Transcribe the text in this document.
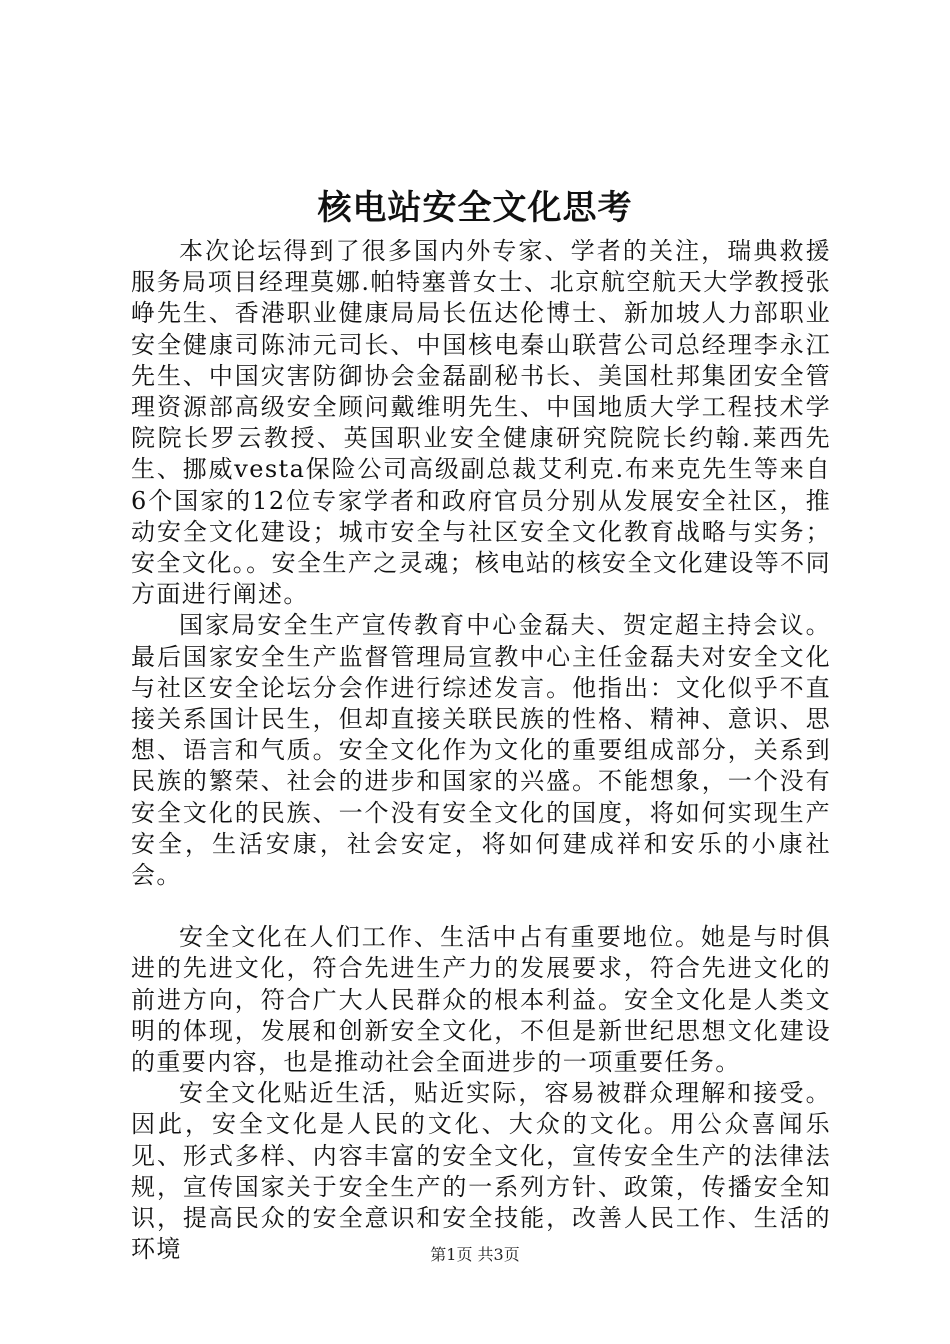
核电站安全文化思考

本次论坛得到了很多国内外专家、学者的关注，瑞典救援服务局项目经理莫娜.帕特塞普女士、北京航空航天大学教授张峥先生、香港职业健康局局长伍达伦博士、新加坡人力部职业安全健康司陈沛元司长、中国核电秦山联营公司总经理李永江先生、中国灾害防御协会金磊副秘书长、美国杜邦集团安全管理资源部高级安全顾问戴维明先生、中国地质大学工程技术学院院长罗云教授、英国职业安全健康研究院院长约翰.莱西先生、挪威vesta保险公司高级副总裁艾利克.布来克先生等来自6个国家的12位专家学者和政府官员分别从发展安全社区，推动安全文化建设；城市安全与社区安全文化教育战略与实务；安全文化。。安全生产之灵魂；核电站的核安全文化建设等不同方面进行阐述。

国家局安全生产宣传教育中心金磊夫、贺定超主持会议。最后国家安全生产监督管理局宣教中心主任金磊夫对安全文化与社区安全论坛分会作进行综述发言。他指出：文化似乎不直接关系国计民生，但却直接关联民族的性格、精神、意识、思想、语言和气质。安全文化作为文化的重要组成部分，关系到民族的繁荣、社会的进步和国家的兴盛。不能想象，一个没有安全文化的民族、一个没有安全文化的国度，将如何实现生产安全，生活安康，社会安定，将如何建成祥和安乐的小康社会。

安全文化在人们工作、生活中占有重要地位。她是与时俱进的先进文化，符合先进生产力的发展要求，符合先进文化的前进方向，符合广大人民群众的根本利益。安全文化是人类文明的体现，发展和创新安全文化，不但是新世纪思想文化建设的重要内容，也是推动社会全面进步的一项重要任务。

安全文化贴近生活，贴近实际，容易被群众理解和接受。因此，安全文化是人民的文化、大众的文化。用公众喜闻乐见、形式多样、内容丰富的安全文化，宣传安全生产的法律法规，宣传国家关于安全生产的一系列方针、政策，传播安全知识，提高民众的安全意识和安全技能，改善人民工作、生活的环境	第1页 共3页
